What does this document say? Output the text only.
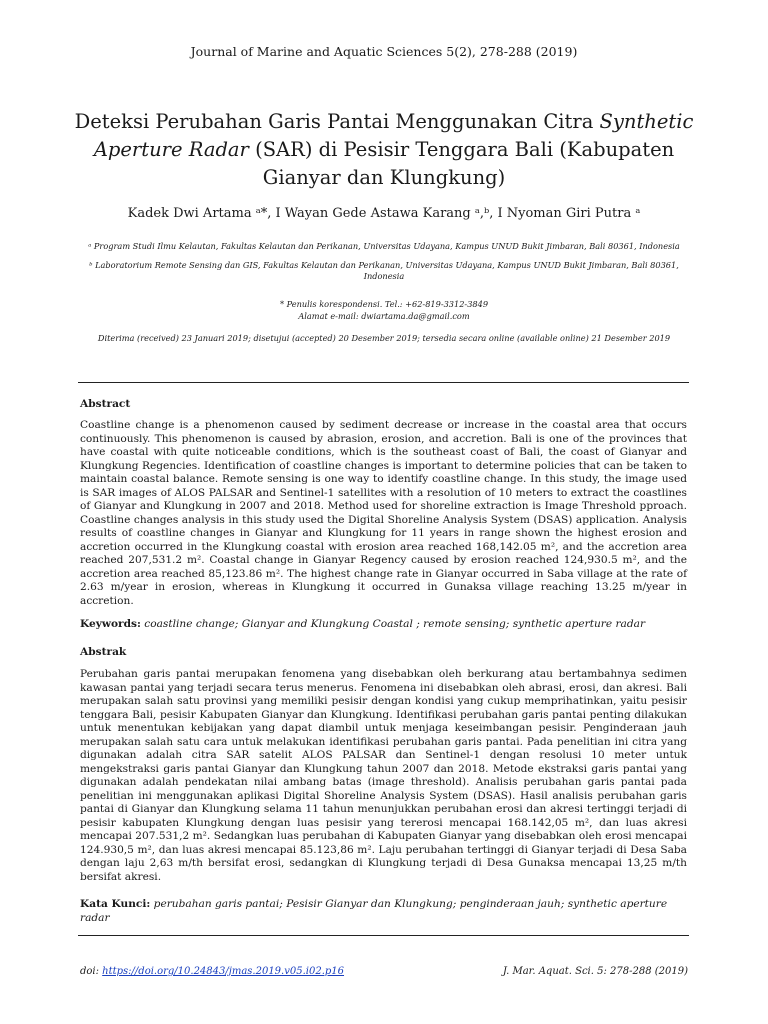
Journal of Marine and Aquatic Sciences 5(2), 278-288 (2019)
Deteksi Perubahan Garis Pantai Menggunakan Citra Synthetic Aperture Radar (SAR) di Pesisir Tenggara Bali (Kabupaten Gianyar dan Klungkung)
Kadek Dwi Artama ᵃ*, I Wayan Gede Astawa Karang ᵃ,ᵇ, I Nyoman Giri Putra ᵃ
ᵃ Program Studi Ilmu Kelautan, Fakultas Kelautan dan Perikanan, Universitas Udayana, Kampus UNUD Bukit Jimbaran, Bali 80361, Indonesia
ᵇ Laboratorium Remote Sensing dan GIS, Fakultas Kelautan dan Perikanan, Universitas Udayana, Kampus UNUD Bukit Jimbaran, Bali 80361, Indonesia
* Penulis korespondensi. Tel.: +62-819-3312-3849
Alamat e-mail: dwiartama.da@gmail.com
Diterima (received) 23 Januari 2019; disetujui (accepted) 20 Desember 2019; tersedia secara online (available online) 21 Desember 2019
Abstract
Coastline change is a phenomenon caused by sediment decrease or increase in the coastal area that occurs continuously. This phenomenon is caused by abrasion, erosion, and accretion. Bali is one of the provinces that have coastal with quite noticeable conditions, which is the southeast coast of Bali, the coast of Gianyar and Klungkung Regencies. Identification of coastline changes is important to determine policies that can be taken to maintain coastal balance. Remote sensing is one way to identify coastline change. In this study, the image used is SAR images of ALOS PALSAR and Sentinel-1 satellites with a resolution of 10 meters to extract the coastlines of Gianyar and Klungkung in 2007 and 2018. Method used for shoreline extraction is Image Threshold pproach. Coastline changes analysis in this study used the Digital Shoreline Analysis System (DSAS) application. Analysis results of coastline changes in Gianyar and Klungkung for 11 years in range shown the highest erosion and accretion occurred in the Klungkung coastal with erosion area reached 168,142.05 m², and the accretion area reached 207,531.2 m². Coastal change in Gianyar Regency caused by erosion reached 124,930.5 m², and the accretion area reached 85,123.86 m². The highest change rate in Gianyar occurred in Saba village at the rate of 2.63 m/year in erosion, whereas in Klungkung it occurred in Gunaksa village reaching 13.25 m/year in accretion.
Keywords: coastline change; Gianyar and Klungkung Coastal ; remote sensing; synthetic aperture radar
Abstrak
Perubahan garis pantai merupakan fenomena yang disebabkan oleh berkurang atau bertambahnya sedimen kawasan pantai yang terjadi secara terus menerus. Fenomena ini disebabkan oleh abrasi, erosi, dan akresi. Bali merupakan salah satu provinsi yang memiliki pesisir dengan kondisi yang cukup memprihatinkan, yaitu pesisir tenggara Bali, pesisir Kabupaten Gianyar dan Klungkung. Identifikasi perubahan garis pantai penting dilakukan untuk menentukan kebijakan yang dapat diambil untuk menjaga keseimbangan pesisir. Penginderaan jauh merupakan salah satu cara untuk melakukan identifikasi perubahan garis pantai. Pada penelitian ini citra yang digunakan adalah citra SAR satelit ALOS PALSAR dan Sentinel-1 dengan resolusi 10 meter untuk mengekstraksi garis pantai Gianyar dan Klungkung tahun 2007 dan 2018. Metode ekstraksi garis pantai yang digunakan adalah pendekatan nilai ambang batas (image threshold). Analisis perubahan garis pantai pada penelitian ini menggunakan aplikasi Digital Shoreline Analysis System (DSAS). Hasil analisis perubahan garis pantai di Gianyar dan Klungkung selama 11 tahun menunjukkan perubahan erosi dan akresi tertinggi terjadi di pesisir kabupaten Klungkung dengan luas pesisir yang tererosi mencapai 168.142,05 m², dan luas akresi mencapai 207.531,2 m². Sedangkan luas perubahan di Kabupaten Gianyar yang disebabkan oleh erosi mencapai 124.930,5 m², dan luas akresi mencapai 85.123,86 m². Laju perubahan tertinggi di Gianyar terjadi di Desa Saba dengan laju 2,63 m/th bersifat erosi, sedangkan di Klungkung terjadi di Desa Gunaksa mencapai 13,25 m/th bersifat akresi.
Kata Kunci: perubahan garis pantai; Pesisir Gianyar dan Klungkung; penginderaan jauh; synthetic aperture radar
doi: https://doi.org/10.24843/jmas.2019.v05.i02.p16	J. Mar. Aquat. Sci. 5: 278-288 (2019)
